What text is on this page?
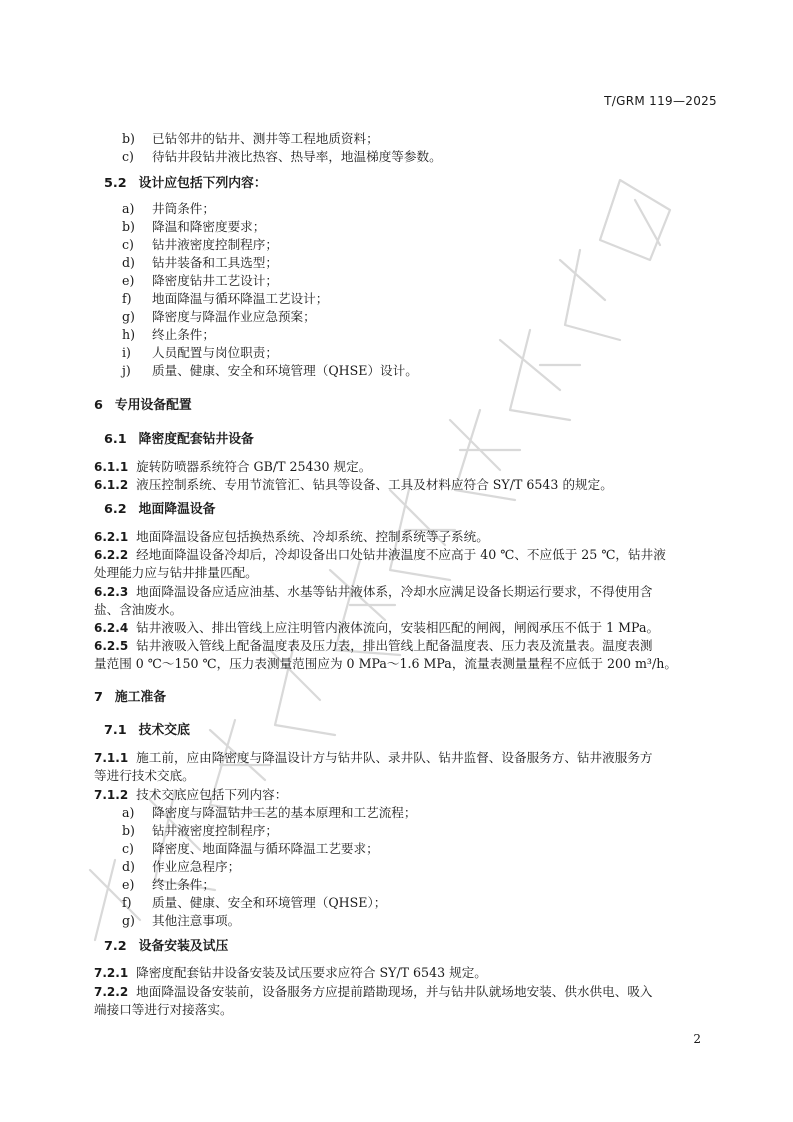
T/GRM 119—2025
b) 已钻邻井的钻井、测井等工程地质资料；
c) 待钻井段钻井液比热容、热导率，地温梯度等参数。
5.2 设计应包括下列内容：
a) 井筒条件；
b) 降温和降密度要求；
c) 钻井液密度控制程序；
d) 钻井装备和工具选型；
e) 降密度钻井工艺设计；
f) 地面降温与循环降温工艺设计；
g) 降密度与降温作业应急预案；
h) 终止条件；
i) 人员配置与岗位职责；
j) 质量、健康、安全和环境管理（QHSE）设计。
6 专用设备配置
6.1 降密度配套钻井设备
6.1.1 旋转防喷器系统符合 GB/T 25430 规定。
6.1.2 液压控制系统、专用节流管汇、钻具等设备、工具及材料应符合 SY/T 6543 的规定。
6.2 地面降温设备
6.2.1 地面降温设备应包括换热系统、冷却系统、控制系统等子系统。
6.2.2 经地面降温设备冷却后，冷却设备出口处钻井液温度不应高于 40 ℃、不应低于 25 ℃，钻井液
处理能力应与钻井排量匹配。
6.2.3 地面降温设备应适应油基、水基等钻井液体系，冷却水应满足设备长期运行要求，不得使用含
盐、含油废水。
6.2.4 钻井液吸入、排出管线上应注明管内液体流向，安装相匹配的闸阀，闸阀承压不低于 1 MPa。
6.2.5 钻井液吸入管线上配备温度表及压力表，排出管线上配备温度表、压力表及流量表。温度表测
量范围 0 ℃～150 ℃，压力表测量范围应为 0 MPa～1.6 MPa，流量表测量量程不应低于 200 m³/h。
7 施工准备
7.1 技术交底
7.1.1 施工前，应由降密度与降温设计方与钻井队、录井队、钻井监督、设备服务方、钻井液服务方
等进行技术交底。
7.1.2 技术交底应包括下列内容：
a) 降密度与降温钻井工艺的基本原理和工艺流程；
b) 钻井液密度控制程序；
c) 降密度、地面降温与循环降温工艺要求；
d) 作业应急程序；
e) 终止条件；
f) 质量、健康、安全和环境管理（QHSE）；
g) 其他注意事项。
7.2 设备安装及试压
7.2.1 降密度配套钻井设备安装及试压要求应符合 SY/T 6543 规定。
7.2.2 地面降温设备安装前，设备服务方应提前踏勘现场，并与钻井队就场地安装、供水供电、吸入
端接口等进行对接落实。
2
